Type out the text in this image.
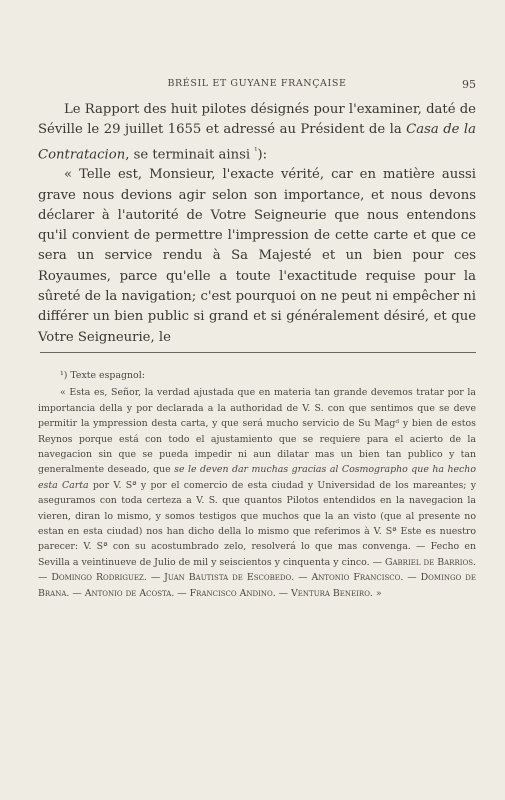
BRÉSIL ET GUYANE FRANÇAISE	95

Le Rapport des huit pilotes désignés pour l'examiner, daté de Séville le 29 juillet 1655 et adressé au Président de la Casa de la Contratacion, se terminait ainsi $^{^1}$):

« Telle est, Monsieur, l'exacte vérité, car en matière aussi grave nous devions agir selon son importance, et nous devons déclarer à l'autorité de Votre Seigneurie que nous entendons qu'il convient de permettre l'impression de cette carte et que ce sera un service rendu à Sa Majesté et un bien pour ces Royaumes, parce qu'elle a toute l'exactitude requise pour la sûreté de la navigation; c'est pourquoi on ne peut ni empêcher ni différer un bien public si grand et si généralement désiré, et que Votre Seigneurie, le

¹) Texte espagnol:

« Esta es, Señor, la verdad ajustada que en materia tan grande devemos tratar por la importancia della y por declarada a la authoridad de V. S. con que sentimos que se deve permitir la ympression desta carta, y que será mucho servicio de Su Magᵈ y bien de estos Reynos porque está con todo el ajustamiento que se requiere para el acierto de la navegacion sin que se pueda impedir ni aun dilatar mas un bien tan publico y tan generalmente deseado, que se le deven dar muchas gracias al Cosmographo que ha hecho esta Carta por V. Sª y por el comercio de esta ciudad y Universidad de los mareantes; y aseguramos con toda certeza a V. S. que quantos Pilotos entendidos en la navegacion la vieren, diran lo mismo, y somos testigos que muchos que la an visto (que al presente no estan en esta ciudad) nos han dicho della lo mismo que referimos à V. Sª Este es nuestro parecer: V. Sª con su acostumbrado zelo, resolverá lo que mas convenga. — Fecho en Sevilla a veintinueve de Julio de mil y seiscientos y cinquenta y cinco. — Gabriel de Barrios. — Domingo Rodriguez. — Juan Bautista de Escobedo. — Antonio Francisco. — Domingo de Brana. — Antonio de Acosta. — Francisco Andino. — Ventura Beneiro. »
